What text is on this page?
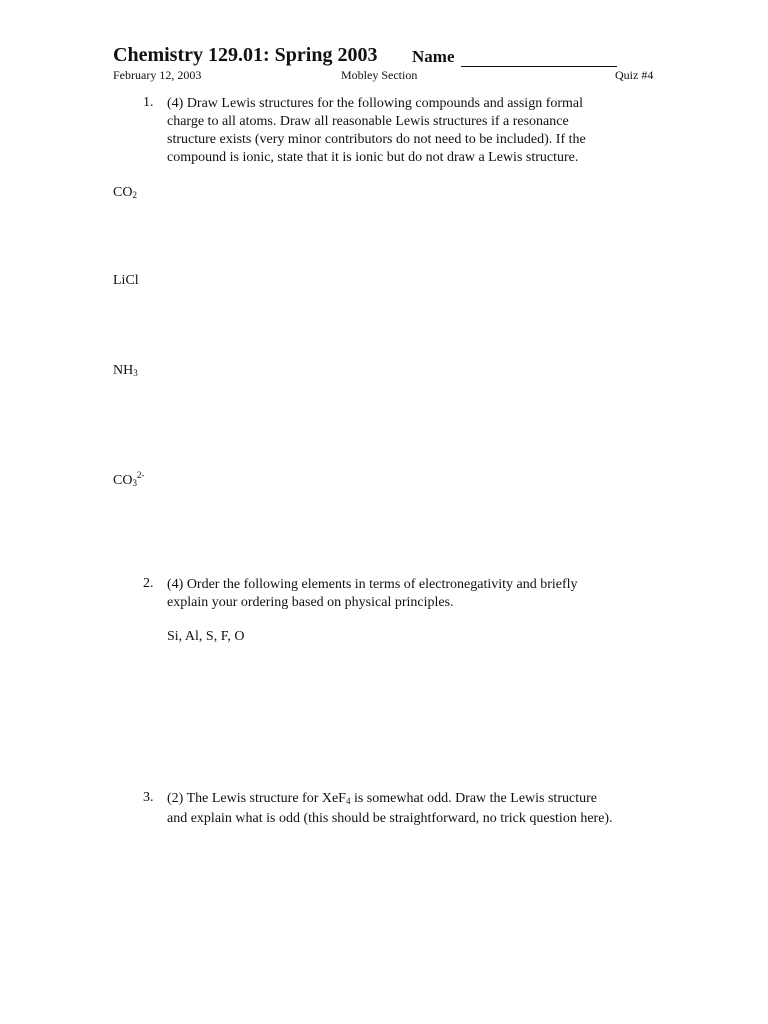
Chemistry 129.01: Spring 2003 Name
February 12, 2003	Mobley Section	Quiz #4
1. (4) Draw Lewis structures for the following compounds and assign formal
charge to all atoms. Draw all reasonable Lewis structures if a resonance
structure exists (very minor contributors do not need to be included). If the
compound is ionic, state that it is ionic but do not draw a Lewis structure.
$CO_2$
LiCl
$NH_3$
$CO_3^{2-}$
2. (4) Order the following elements in terms of electronegativity and briefly
explain your ordering based on physical principles.
Si, Al, S, F, O
3. (2) The Lewis structure for XeF$_4$ is somewhat odd. Draw the Lewis structure
and explain what is odd (this should be straightforward, no trick question here).
